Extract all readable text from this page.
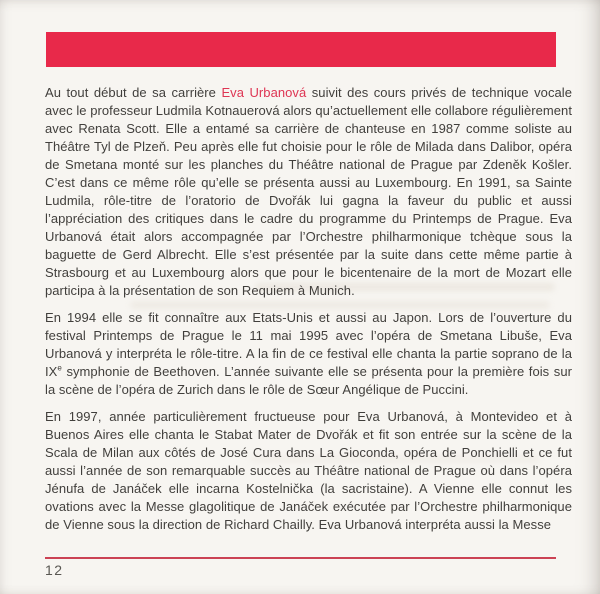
Au tout début de sa carrière Eva Urbanová suivit des cours privés de technique vocale avec le professeur Ludmila Kotnauerová alors qu’actuellement elle collabore régulièrement avec Renata Scott. Elle a entamé sa carrière de chanteuse en 1987 comme soliste au Théâtre Tyl de Plzeň. Peu après elle fut choisie pour le rôle de Milada dans Dalibor, opéra de Smetana monté sur les planches du Théâtre national de Prague par Zdeněk Košler. C’est dans ce même rôle qu’elle se présenta aussi au Luxembourg. En 1991, sa Sainte Ludmila, rôle-titre de l’oratorio de Dvořák lui gagna la faveur du public et aussi l’appréciation des critiques dans le cadre du programme du Printemps de Prague. Eva Urbanová était alors accompagnée par l’Orchestre philharmonique tchèque sous la baguette de Gerd Albrecht. Elle s’est présentée par la suite dans cette même partie à Strasbourg et au Luxembourg alors que pour le bicentenaire de la mort de Mozart elle participa à la présentation de son Requiem à Munich.

En 1994 elle se fit connaître aux Etats-Unis et aussi au Japon. Lors de l’ouverture du festival Printemps de Prague le 11 mai 1995 avec l’opéra de Smetana Libuše, Eva Urbanová y interpréta le rôle-titre. A la fin de ce festival elle chanta la partie soprano de la IXe symphonie de Beethoven. L’année suivante elle se présenta pour la première fois sur la scène de l’opéra de Zurich dans le rôle de Sœur Angélique de Puccini.

En 1997, année particulièrement fructueuse pour Eva Urbanová, à Montevideo et à Buenos Aires elle chanta le Stabat Mater de Dvořák et fit son entrée sur la scène de la Scala de Milan aux côtés de José Cura dans La Gioconda, opéra de Ponchielli et ce fut aussi l’année de son remarquable succès au Théâtre national de Prague où dans l’opéra Jénufa de Janáček elle incarna Kostelnička (la sacristaine). A Vienne elle connut les ovations avec la Messe glagolitique de Janáček exécutée par l’Orchestre philharmonique de Vienne sous la direction de Richard Chailly. Eva Urbanová interpréta aussi la Messe

12
